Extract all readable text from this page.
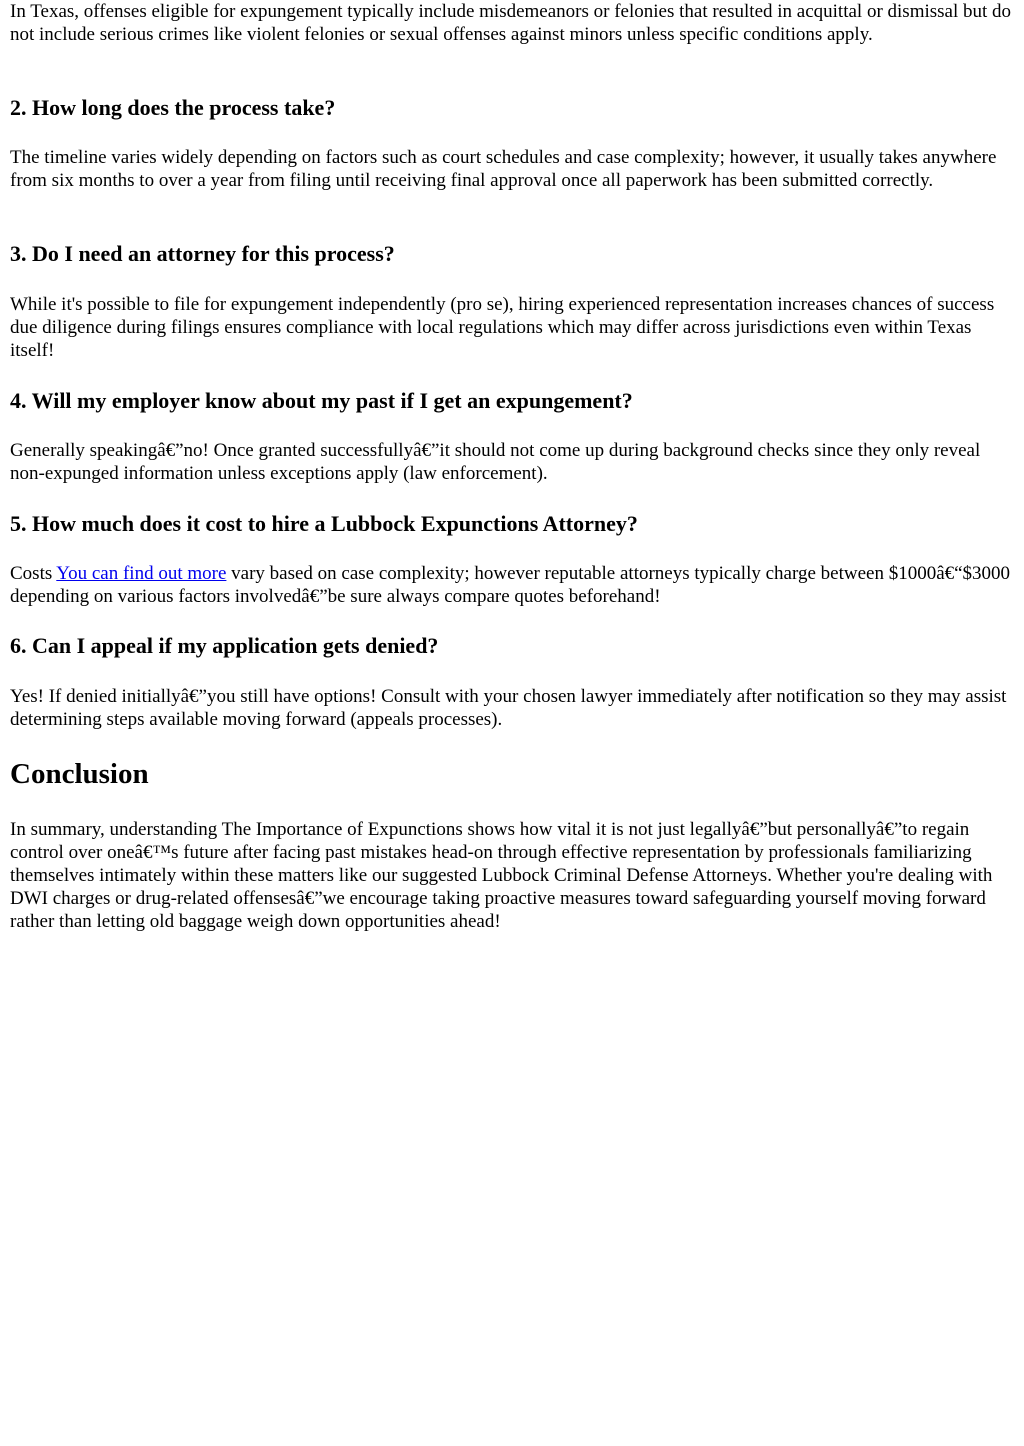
In Texas, offenses eligible for expungement typically include misdemeanors or felonies that resulted in acquittal or dismissal but do not include serious crimes like violent felonies or sexual offenses against minors unless specific conditions apply.

2. How long does the process take?

The timeline varies widely depending on factors such as court schedules and case complexity; however, it usually takes anywhere from six months to over a year from filing until receiving final approval once all paperwork has been submitted correctly.

3. Do I need an attorney for this process?

While it's possible to file for expungement independently (pro se), hiring experienced representation increases chances of success due diligence during filings ensures compliance with local regulations which may differ across jurisdictions even within Texas itself!

4. Will my employer know about my past if I get an expungement?

Generally speakingâ€”no! Once granted successfullyâ€”it should not come up during background checks since they only reveal non-expunged information unless exceptions apply (law enforcement).

5. How much does it cost to hire a Lubbock Expunctions Attorney?

Costs You can find out more vary based on case complexity; however reputable attorneys typically charge between $1000â€“$3000 depending on various factors involvedâ€”be sure always compare quotes beforehand!

6. Can I appeal if my application gets denied?

Yes! If denied initiallyâ€”you still have options! Consult with your chosen lawyer immediately after notification so they may assist determining steps available moving forward (appeals processes).

Conclusion

In summary, understanding The Importance of Expunctions shows how vital it is not just legallyâ€”but personallyâ€”to regain control over oneâ€™s future after facing past mistakes head-on through effective representation by professionals familiarizing themselves intimately within these matters like our suggested Lubbock Criminal Defense Attorneys. Whether you're dealing with DWI charges or drug-related offensesâ€”we encourage taking proactive measures toward safeguarding yourself moving forward rather than letting old baggage weigh down opportunities ahead!
